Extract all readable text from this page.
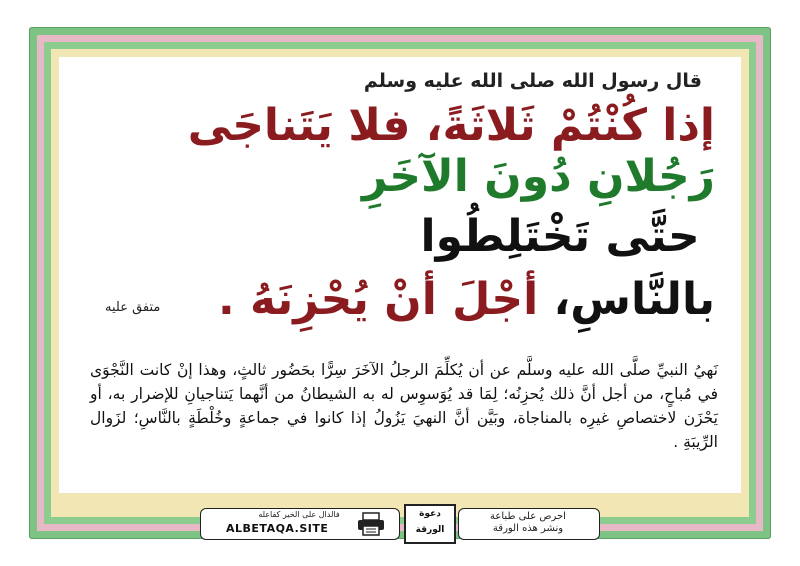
قال رسول الله صلى الله عليه وسلم
إذا كُنْتُمْ ثَلاثَةً، فلا يَتَناجَى
رَجُلانِ دُونَ الآخَرِ
حتَّى تَخْتَلِطُوا
بالنَّاسِ، أجْلَ أنْ يُحْزِنَهُ .
متفق عليه
نَهيُ النبيِّ صلَّى الله عليه وسلَّم عن أن يُكلِّمَ الرجلُ الآخَرَ سِرًّا بحَضُور ثالثٍ، وهذا إنْ كانت النَّجْوَى في مُباحٍ، من أجل أنَّ ذلك يُحزِنُه؛ لِمَا قد يُوَسوِس له به الشيطانُ من أنَّهما يَتناجيانِ للإضرار به، أو يَحْزَن لاختصاصِ غيرِه بالمناجاة، وبَيَّن أنَّ النهيَ يَزُولُ إذا كانوا في جماعةٍ وخُلْطَةٍ بالنَّاسِ؛ لزَوال الرِّيبَةِ .
فالدال على الخير كفاعله
ALBETAQA.SITE
دعوة الورقة
احرص على طباعة
ونشر هذه الورقة
